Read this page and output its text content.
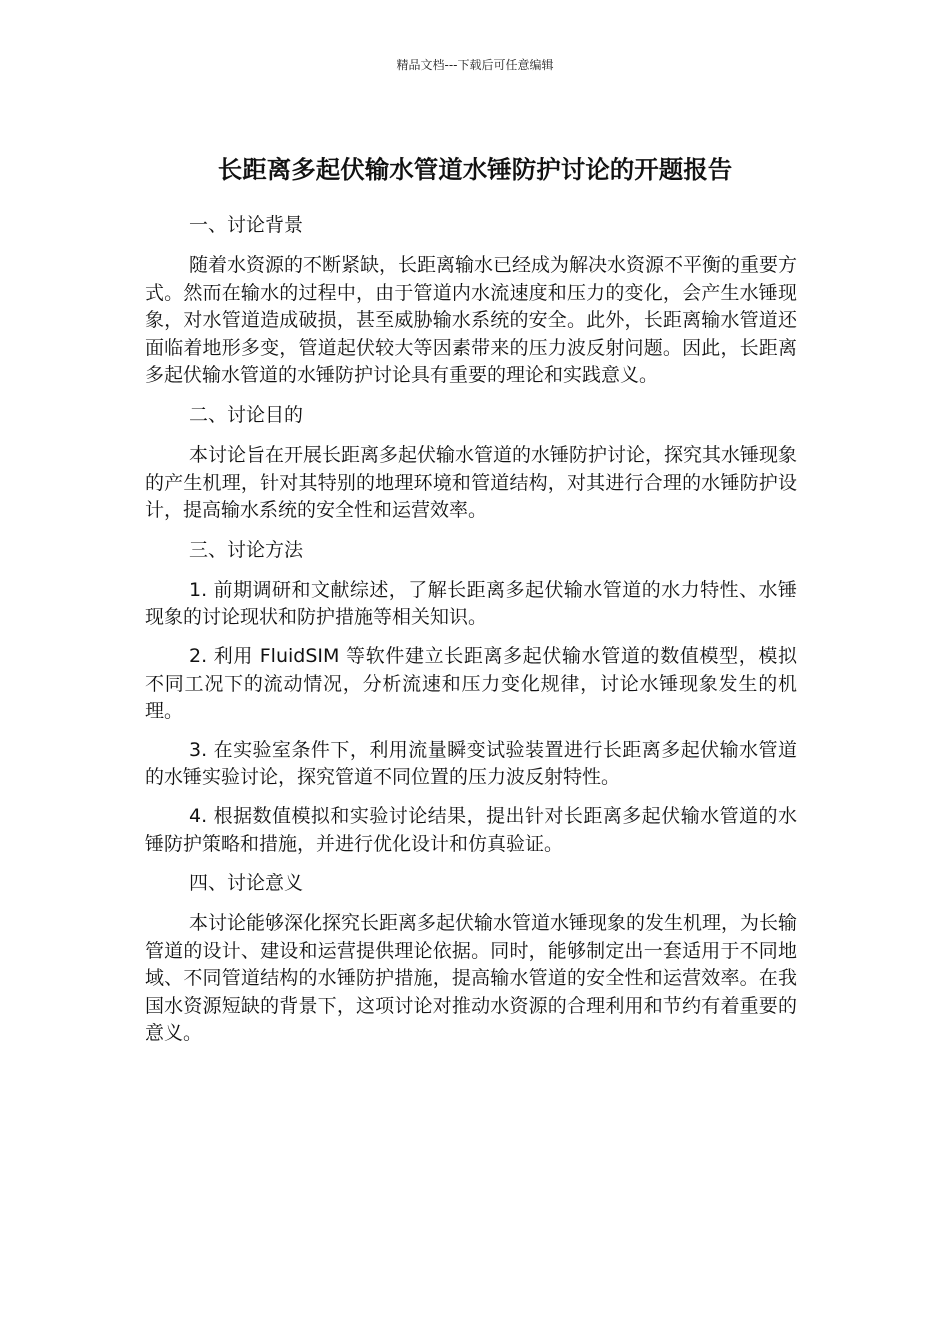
精品文档---下载后可任意编辑
长距离多起伏输水管道水锤防护讨论的开题报告
一、讨论背景

随着水资源的不断紧缺，长距离输水已经成为解决水资源不平衡的重要方式。然而在输水的过程中，由于管道内水流速度和压力的变化，会产生水锤现象，对水管道造成破损，甚至威胁输水系统的安全。此外，长距离输水管道还面临着地形多变，管道起伏较大等因素带来的压力波反射问题。因此，长距离多起伏输水管道的水锤防护讨论具有重要的理论和实践意义。

二、讨论目的

本讨论旨在开展长距离多起伏输水管道的水锤防护讨论，探究其水锤现象的产生机理，针对其特别的地理环境和管道结构，对其进行合理的水锤防护设计，提高输水系统的安全性和运营效率。

三、讨论方法

1. 前期调研和文献综述，了解长距离多起伏输水管道的水力特性、水锤现象的讨论现状和防护措施等相关知识。

2. 利用 FluidSIM 等软件建立长距离多起伏输水管道的数值模型，模拟不同工况下的流动情况，分析流速和压力变化规律，讨论水锤现象发生的机理。

3. 在实验室条件下，利用流量瞬变试验装置进行长距离多起伏输水管道的水锤实验讨论，探究管道不同位置的压力波反射特性。

4. 根据数值模拟和实验讨论结果，提出针对长距离多起伏输水管道的水锤防护策略和措施，并进行优化设计和仿真验证。

四、讨论意义

本讨论能够深化探究长距离多起伏输水管道水锤现象的发生机理，为长输管道的设计、建设和运营提供理论依据。同时，能够制定出一套适用于不同地域、不同管道结构的水锤防护措施，提高输水管道的安全性和运营效率。在我国水资源短缺的背景下，这项讨论对推动水资源的合理利用和节约有着重要的意义。
